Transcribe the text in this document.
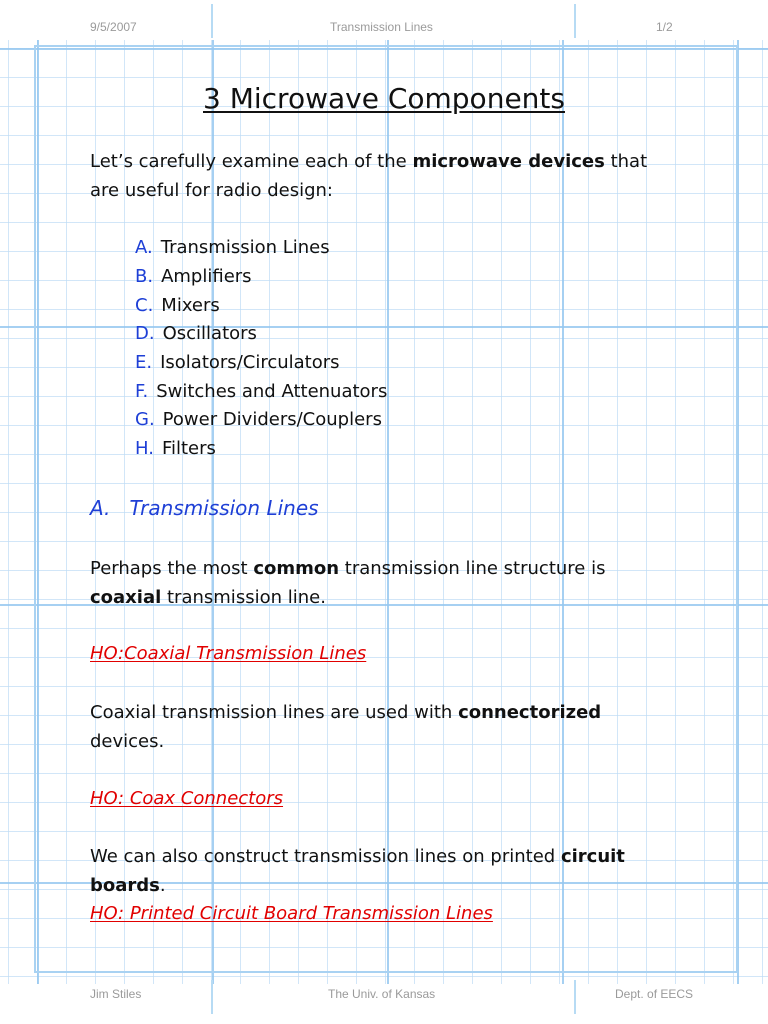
9/5/2007	Transmission Lines	1/2
Jim Stiles	The Univ. of Kansas	Dept. of EECS
3 Microwave Components
Let’s carefully examine each of the microwave devices that
are useful for radio design:
A. Transmission Lines
B. Amplifiers
C. Mixers
D. Oscillators
E. Isolators/Circulators
F. Switches and Attenuators
G. Power Dividers/Couplers
H. Filters
A. Transmission Lines
Perhaps the most common transmission line structure is
coaxial transmission line.
HO:Coaxial Transmission Lines
Coaxial transmission lines are used with connectorized
devices.
HO: Coax Connectors
We can also construct transmission lines on printed circuit
boards.
HO: Printed Circuit Board Transmission Lines
